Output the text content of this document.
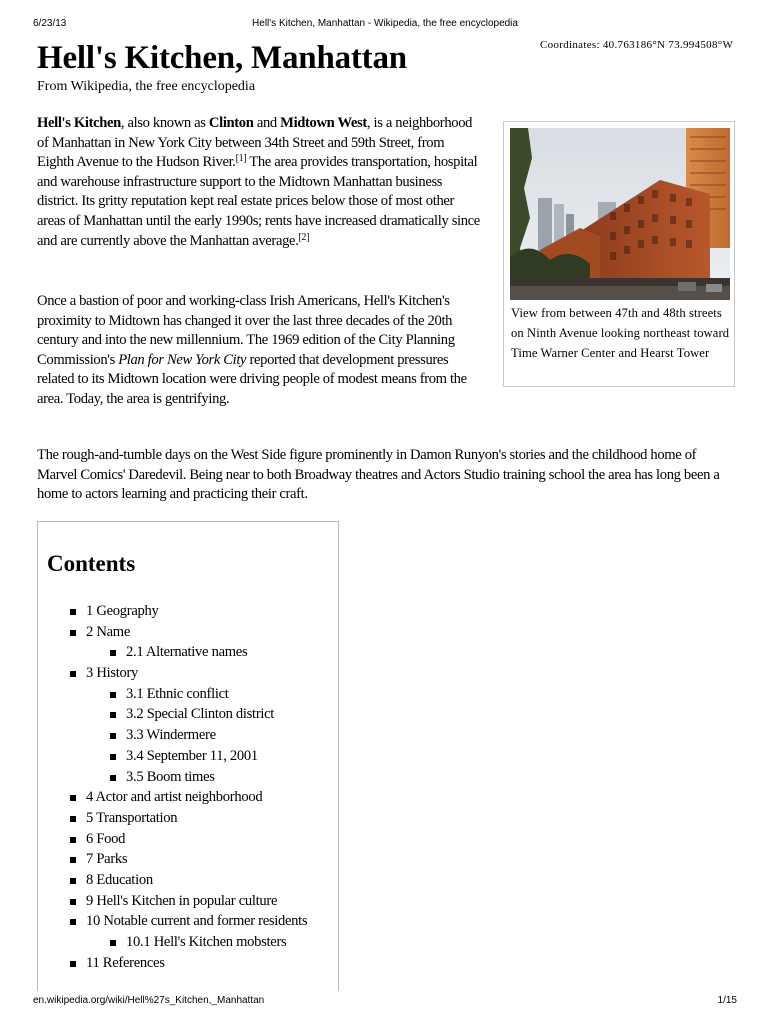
6/23/13	Hell's Kitchen, Manhattan - Wikipedia, the free encyclopedia
Hell's Kitchen, Manhattan	Coordinates: 40.763186°N 73.994508°W
From Wikipedia, the free encyclopedia

Hell's Kitchen, also known as Clinton and Midtown West, is a neighborhood of Manhattan in New York City between 34th Street and 59th Street, from Eighth Avenue to the Hudson River.[1] The area provides transportation, hospital and warehouse infrastructure support to the Midtown Manhattan business district. Its gritty reputation kept real estate prices below those of most other areas of Manhattan until the early 1990s; rents have increased dramatically since and are currently above the Manhattan average.[2]

Once a bastion of poor and working-class Irish Americans, Hell's Kitchen's proximity to Midtown has changed it over the last three decades of the 20th century and into the new millennium. The 1969 edition of the City Planning Commission's Plan for New York City reported that development pressures related to its Midtown location were driving people of modest means from the area. Today, the area is gentrifying.

The rough-and-tumble days on the West Side figure prominently in Damon Runyon's stories and the childhood home of Marvel Comics' Daredevil. Being near to both Broadway theatres and Actors Studio training school the area has long been a home to actors learning and practicing their craft.

View from between 47th and 48th streets on Ninth Avenue looking northeast toward Time Warner Center and Hearst Tower
Contents
1 Geography
2 Name
2.1 Alternative names
3 History
3.1 Ethnic conflict
3.2 Special Clinton district
3.3 Windermere
3.4 September 11, 2001
3.5 Boom times
4 Actor and artist neighborhood
5 Transportation
6 Food
7 Parks
8 Education
9 Hell's Kitchen in popular culture
10 Notable current and former residents
10.1 Hell's Kitchen mobsters
11 References
en.wikipedia.org/wiki/Hell%27s_Kitchen,_Manhattan	1/15
